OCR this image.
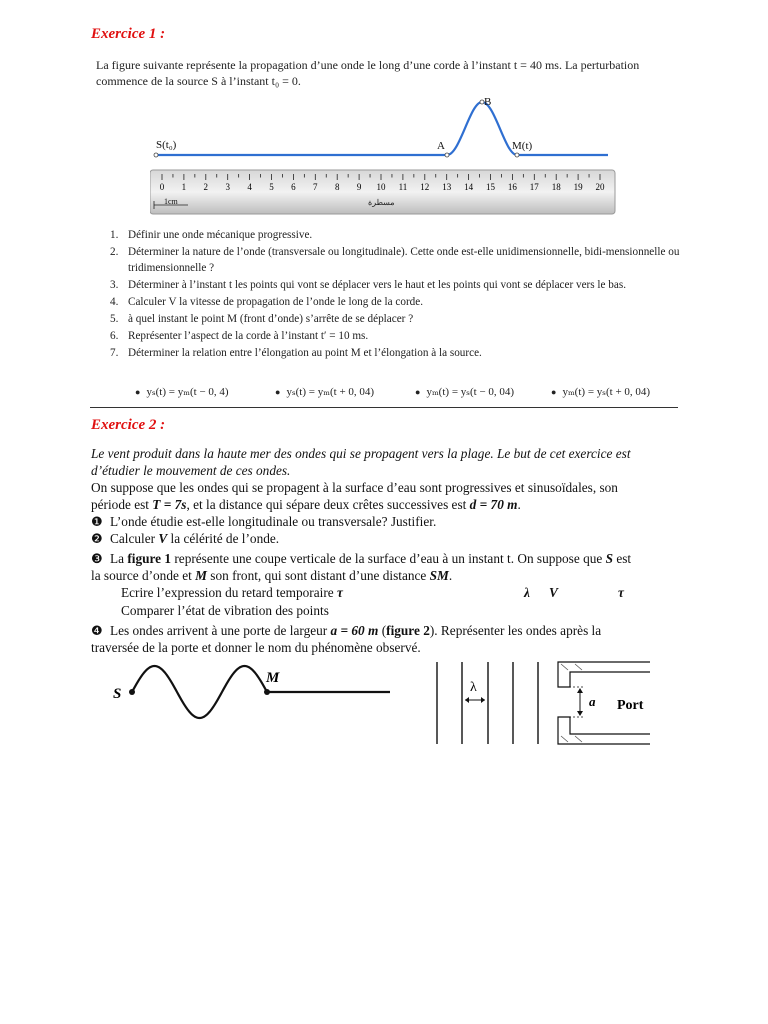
Exercice 1 :
La figure suivante représente la propagation d’une onde le long d’une corde à l’instant t = 40 ms. La perturbation
commence de la source S à l’instant t₀ = 0.
S(t₀)	A
B
M(t)
0 1 2 3 4 5 6 7 8 9 10 11 12 13 14 15 16 17 18 19 20
1cm	مسطرة
1. Définir une onde mécanique progressive.
2. Déterminer la nature de l’onde (transversale ou longitudinale). Cette onde est-elle unidimensionnelle, bidi-mensionnelle ou tridimensionnelle ?
3. Déterminer à l’instant t les points qui vont se déplacer vers le haut et les points qui vont se déplacer vers le bas.
4. Calculer V la vitesse de propagation de l’onde le long de la corde.
5. à quel instant le point M (front d’onde) s’arrête de se déplacer ?
6. Représenter l’aspect de la corde à l’instant t′ = 10 ms.
7. Déterminer la relation entre l’élongation au point M et l’élongation à la source.
● yₛ(t) = yₘ(t − 0, 4)	● yₛ(t) = yₘ(t + 0, 04)	● yₘ(t) = yₛ(t − 0, 04)	● yₘ(t) = yₛ(t + 0, 04)
Exercice 2 :
Le vent produit dans la haute mer des ondes qui se propagent vers la plage. Le but de cet exercice est
d’étudier le mouvement de ces ondes.
On suppose que les ondes qui se propagent à la surface d’eau sont progressives et sinusoïdales, son
période est T = 7s, et la distance qui sépare deux crêtes successives est d = 70 m.
❶ L’onde étudie est-elle longitudinale ou transversale? Justifier.
❷ Calculer V la célérité de l’onde.
❸ La figure 1 représente une coupe verticale de la surface d’eau à un instant t. On suppose que S est
la source d’onde et M son front, qui sont distant d’une distance SM.
Ecrire l’expression du retard temporaire τ	λ V	τ
Comparer l’état de vibration des points
❹ Les ondes arrivent à une porte de largeur a = 60 m (figure 2). Représenter les ondes après la
traversée de la porte et donner le nom du phénomène observé.
S
M
λ
a Port
